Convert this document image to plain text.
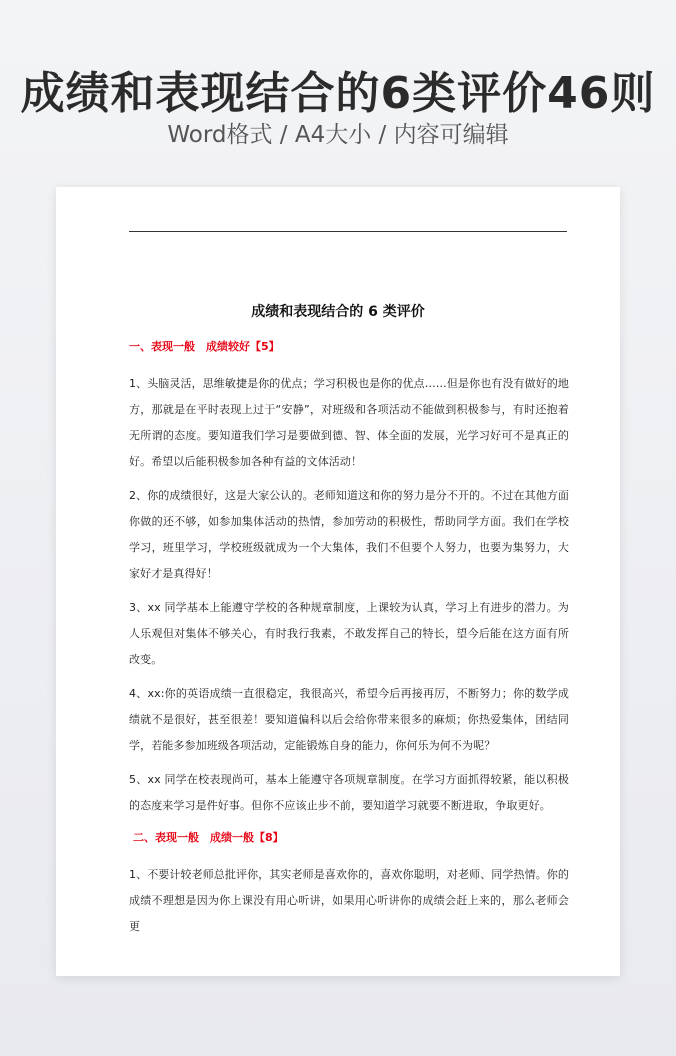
成绩和表现结合的6类评价46则
Word格式 / A4大小 / 内容可编辑
成绩和表现结合的 6 类评价
一、表现一般　成绩较好【5】

1、头脑灵活，思维敏捷是你的优点；学习积极也是你的优点……但是你也有没有做好的地方，那就是在平时表现上过于“安静”，对班级和各项活动不能做到积极参与，有时还抱着无所谓的态度。要知道我们学习是要做到德、智、体全面的发展，光学习好可不是真正的好。希望以后能积极参加各种有益的文体活动！

2、你的成绩很好，这是大家公认的。老师知道这和你的努力是分不开的。不过在其他方面你做的还不够，如参加集体活动的热情，参加劳动的积极性，帮助同学方面。我们在学校学习，班里学习，学校班级就成为一个大集体，我们不但要个人努力，也要为集努力，大家好才是真得好！

3、xx 同学基本上能遵守学校的各种规章制度，上课较为认真，学习上有进步的潜力。为人乐观但对集体不够关心，有时我行我素，不敢发挥自己的特长，望今后能在这方面有所改变。

4、xx:你的英语成绩一直很稳定，我很高兴，希望今后再接再厉，不断努力；你的数学成绩就不是很好，甚至很差！要知道偏科以后会给你带来很多的麻烦；你热爱集体，团结同学，若能多参加班级各项活动，定能锻炼自身的能力，你何乐为何不为呢？

5、xx 同学在校表现尚可，基本上能遵守各项规章制度。在学习方面抓得较紧，能以积极的态度来学习是件好事。但你不应该止步不前，要知道学习就要不断进取，争取更好。

二、表现一般　成绩一般【8】

1、不要计较老师总批评你，其实老师是喜欢你的，喜欢你聪明，对老师、同学热情。你的成绩不理想是因为你上课没有用心听讲，如果用心听讲你的成绩会赶上来的，那么老师会更
